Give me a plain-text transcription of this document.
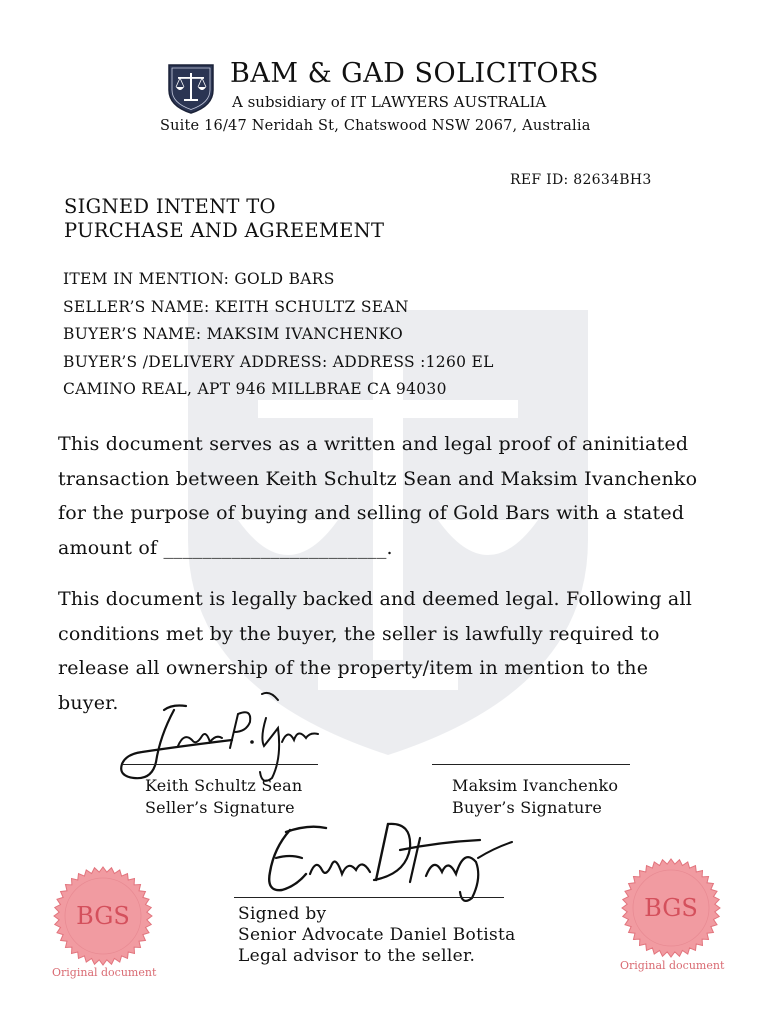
BAM & GAD SOLICITORS
A subsidiary of IT LAWYERS AUSTRALIA
Suite 16/47 Neridah St, Chatswood NSW 2067, Australia
REF ID: 82634BH3
SIGNED INTENT TO
PURCHASE AND AGREEMENT
ITEM IN MENTION: GOLD BARS
SELLER’S NAME: KEITH SCHULTZ SEAN
BUYER’S NAME: MAKSIM IVANCHENKO
BUYER’S /DELIVERY ADDRESS: ADDRESS :1260 EL
CAMINO REAL, APT 946 MILLBRAE CA 94030
This document serves as a written and legal proof of aninitiated
transaction between Keith Schultz Sean and Maksim Ivanchenko
for the purpose of buying and selling of Gold Bars with a stated
amount of _______________________.
This document is legally backed and deemed legal. Following all
conditions met by the buyer, the seller is lawfully required to
release all ownership of the property/item in mention to the
buyer.
Keith Schultz Sean
Seller’s Signature
Maksim Ivanchenko
Buyer’s Signature
Signed by
Senior Advocate Daniel Botista
Legal advisor to the seller.
BGS
Original document
BGS
Original document
